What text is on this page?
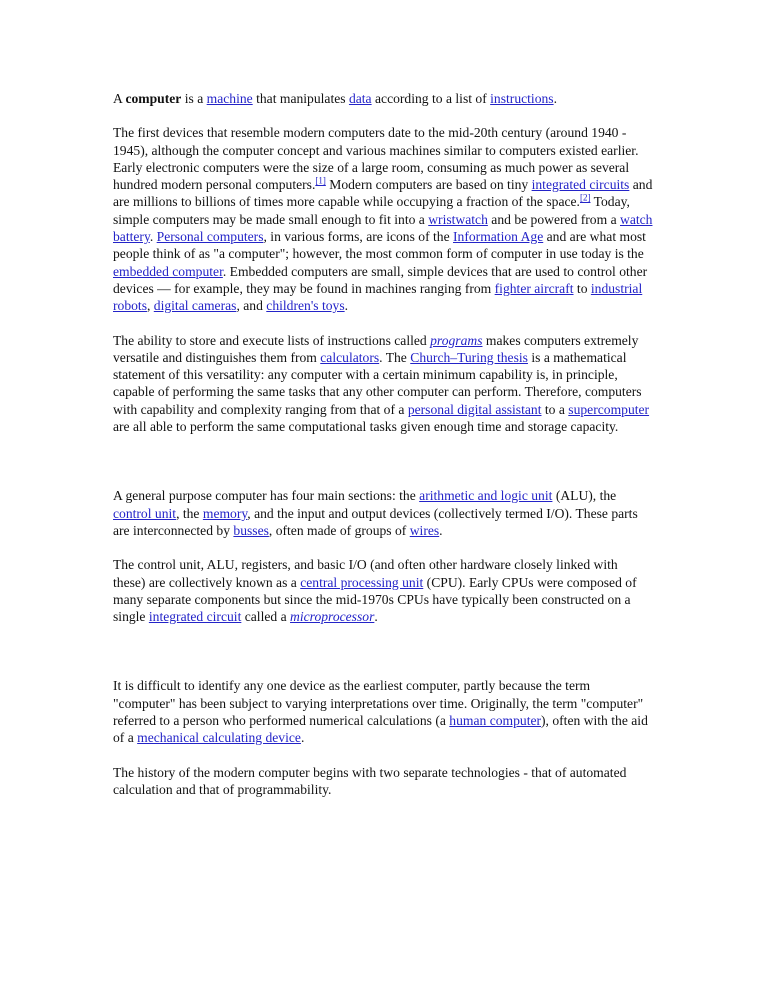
A computer is a machine that manipulates data according to a list of instructions.

The first devices that resemble modern computers date to the mid-20th century (around 1940 - 1945), although the computer concept and various machines similar to computers existed earlier. Early electronic computers were the size of a large room, consuming as much power as several hundred modern personal computers.[1] Modern computers are based on tiny integrated circuits and are millions to billions of times more capable while occupying a fraction of the space.[2] Today, simple computers may be made small enough to fit into a wristwatch and be powered from a watch battery. Personal computers, in various forms, are icons of the Information Age and are what most people think of as "a computer"; however, the most common form of computer in use today is the embedded computer. Embedded computers are small, simple devices that are used to control other devices — for example, they may be found in machines ranging from fighter aircraft to industrial robots, digital cameras, and children's toys.

The ability to store and execute lists of instructions called programs makes computers extremely versatile and distinguishes them from calculators. The Church–Turing thesis is a mathematical statement of this versatility: any computer with a certain minimum capability is, in principle, capable of performing the same tasks that any other computer can perform. Therefore, computers with capability and complexity ranging from that of a personal digital assistant to a supercomputer are all able to perform the same computational tasks given enough time and storage capacity.

A general purpose computer has four main sections: the arithmetic and logic unit (ALU), the control unit, the memory, and the input and output devices (collectively termed I/O). These parts are interconnected by busses, often made of groups of wires.

The control unit, ALU, registers, and basic I/O (and often other hardware closely linked with these) are collectively known as a central processing unit (CPU). Early CPUs were composed of many separate components but since the mid-1970s CPUs have typically been constructed on a single integrated circuit called a microprocessor.

It is difficult to identify any one device as the earliest computer, partly because the term "computer" has been subject to varying interpretations over time. Originally, the term "computer" referred to a person who performed numerical calculations (a human computer), often with the aid of a mechanical calculating device.

The history of the modern computer begins with two separate technologies - that of automated calculation and that of programmability.
